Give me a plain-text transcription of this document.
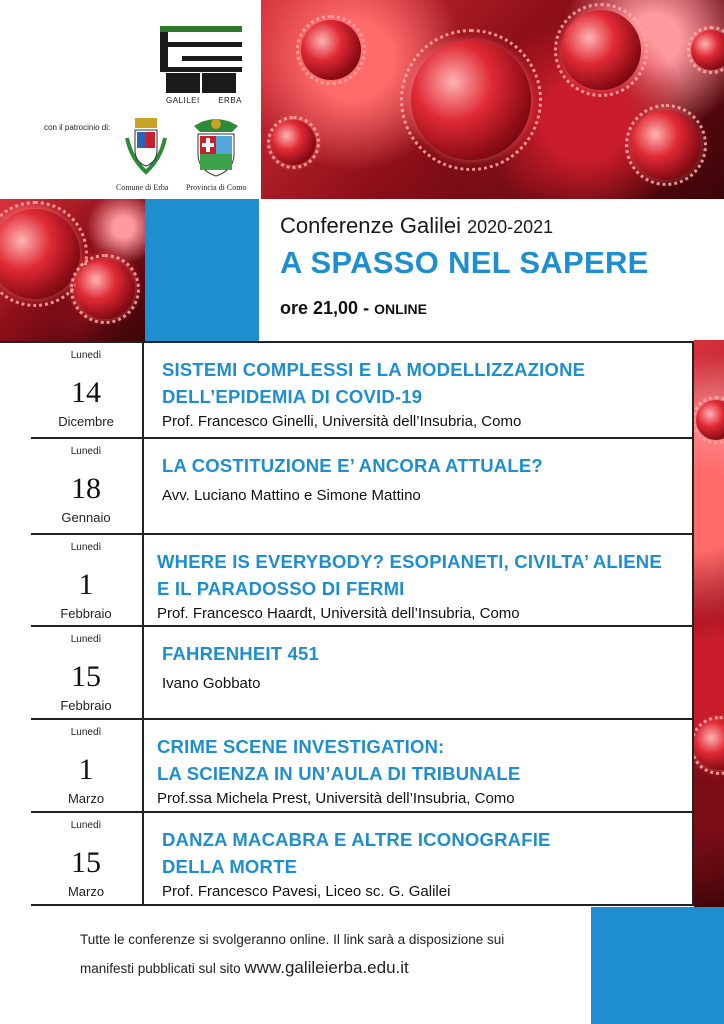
GALILEI ERBA
con il patrocinio di:
Comune di Erba Provincia di Como
Conferenze Galilei 2020-2021
A SPASSO NEL SAPERE
ore 21,00 - ONLINE
Lunedì
14
Dicembre
SISTEMI COMPLESSI E LA MODELLIZZAZIONE
DELL’EPIDEMIA DI COVID-19
Prof. Francesco Ginelli, Università dell’Insubria, Como
Lunedì
18
Gennaio
LA COSTITUZIONE E’ ANCORA ATTUALE?
Avv. Luciano Mattino e Simone Mattino
Lunedì
1
Febbraio
WHERE IS EVERYBODY? ESOPIANETI, CIVILTA’ ALIENE
E IL PARADOSSO DI FERMI
Prof. Francesco Haardt, Università dell’Insubria, Como
Lunedì
15
Febbraio
FAHRENHEIT 451
Ivano Gobbato
Lunedì
1
Marzo
CRIME SCENE INVESTIGATION:
LA SCIENZA IN UN’AULA DI TRIBUNALE
Prof.ssa Michela Prest, Università dell’Insubria, Como
Lunedì
15
Marzo
DANZA MACABRA E ALTRE ICONOGRAFIE
DELLA MORTE
Prof. Francesco Pavesi, Liceo sc. G. Galilei
Tutte le conferenze si svolgeranno online. Il link sarà a disposizione sui
manifesti pubblicati sul sito www.galileierba.edu.it
